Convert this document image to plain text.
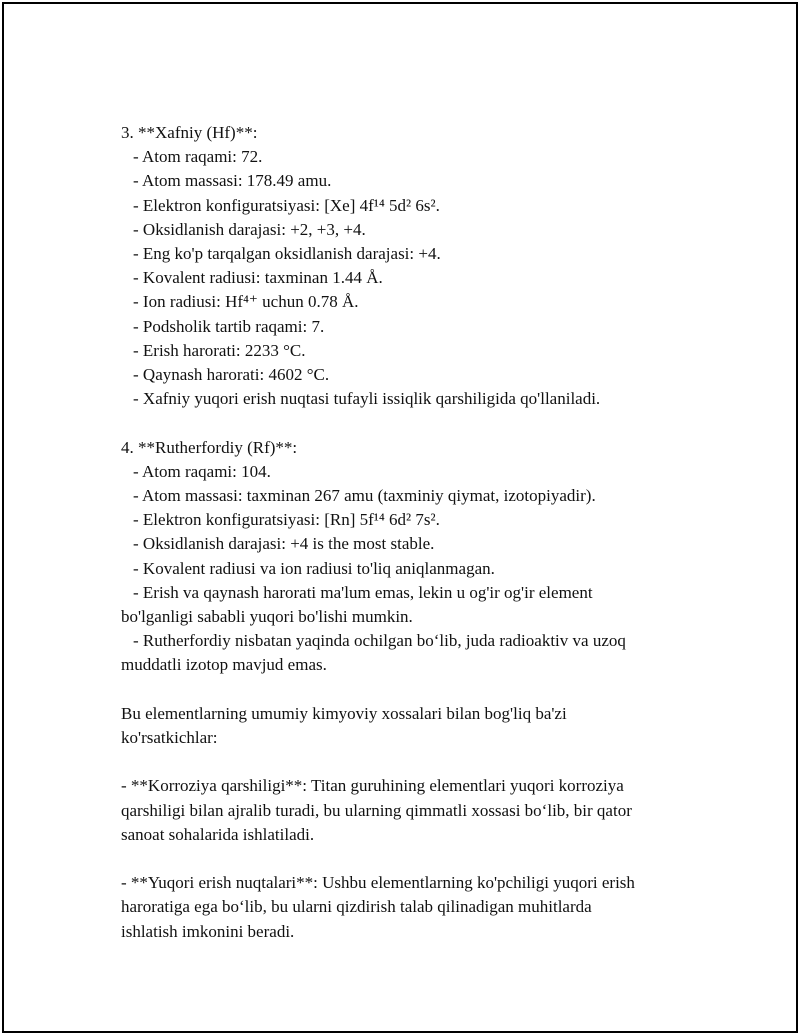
3. **Xafniy (Hf)**:

- Atom raqami: 72.

- Atom massasi: 178.49 amu.

- Elektron konfiguratsiyasi: [Xe] 4f¹⁴ 5d² 6s².

- Oksidlanish darajasi: +2, +3, +4.

- Eng ko'p tarqalgan oksidlanish darajasi: +4.

- Kovalent radiusi: taxminan 1.44 Å.

- Ion radiusi: Hf⁴⁺ uchun 0.78 Å.

- Podsholik tartib raqami: 7.

- Erish harorati: 2233 °C.

- Qaynash harorati: 4602 °C.

- Xafniy yuqori erish nuqtasi tufayli issiqlik qarshiligida qo'llaniladi.

4. **Rutherfordiy (Rf)**:

- Atom raqami: 104.

- Atom massasi: taxminan 267 amu (taxminiy qiymat, izotopiyadir).

- Elektron konfiguratsiyasi: [Rn] 5f¹⁴ 6d² 7s².

- Oksidlanish darajasi: +4 is the most stable.

- Kovalent radiusi va ion radiusi to'liq aniqlanmagan.

- Erish va qaynash harorati ma'lum emas, lekin u og'ir og'ir element

bo'lganligi sababli yuqori bo'lishi mumkin.

- Rutherfordiy nisbatan yaqinda ochilgan bo‘lib, juda radioaktiv va uzoq

muddatli izotop mavjud emas.

Bu elementlarning umumiy kimyoviy xossalari bilan bog'liq ba'zi

ko'rsatkichlar:

- **Korroziya qarshiligi**: Titan guruhining elementlari yuqori korroziya

qarshiligi bilan ajralib turadi, bu ularning qimmatli xossasi bo‘lib, bir qator

sanoat sohalarida ishlatiladi.

- **Yuqori erish nuqtalari**: Ushbu elementlarning ko'pchiligi yuqori erish

haroratiga ega bo‘lib, bu ularni qizdirish talab qilinadigan muhitlarda

ishlatish imkonini beradi.
